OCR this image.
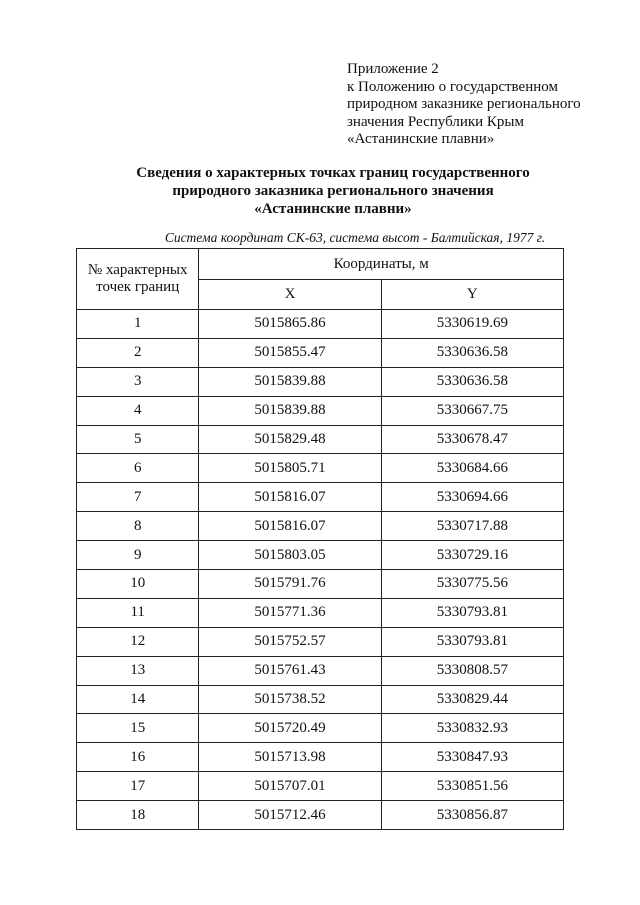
Приложение 2
к Положению о государственном
природном заказнике регионального
значения Республики Крым
«Астанинские плавни»
Сведения о характерных точках границ государственного
природного заказника регионального значения
«Астанинские плавни»
Система координат СК-63, система высот - Балтийская, 1977 г.
№ характерных
точек границ	Координаты, м	
	X	Y
1	5015865.86	5330619.69
2	5015855.47	5330636.58
3	5015839.88	5330636.58
4	5015839.88	5330667.75
5	5015829.48	5330678.47
6	5015805.71	5330684.66
7	5015816.07	5330694.66
8	5015816.07	5330717.88
9	5015803.05	5330729.16
10	5015791.76	5330775.56
11	5015771.36	5330793.81
12	5015752.57	5330793.81
13	5015761.43	5330808.57
14	5015738.52	5330829.44
15	5015720.49	5330832.93
16	5015713.98	5330847.93
17	5015707.01	5330851.56
18	5015712.46	5330856.87
